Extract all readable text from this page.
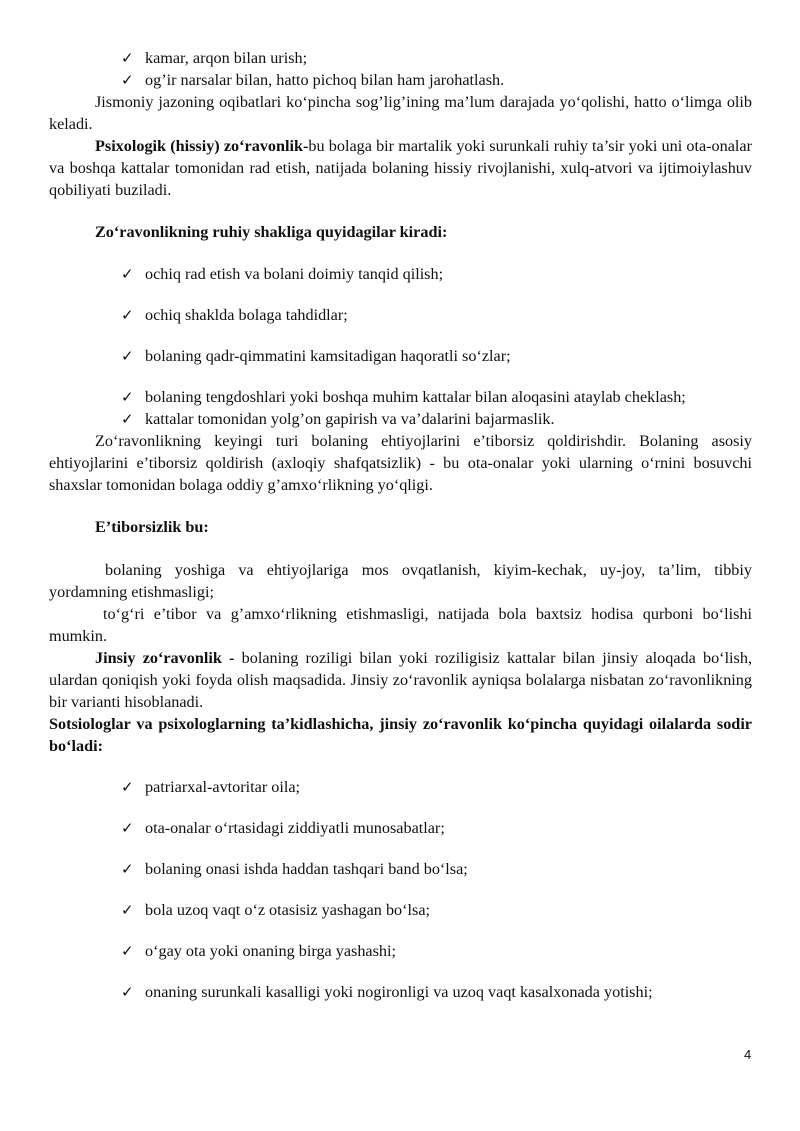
✓ kamar, arqon bilan urish;

✓ og’ir narsalar bilan, hatto pichoq bilan ham jarohatlash.

Jismoniy jazoning oqibatlari ko‘pincha sog’lig’ining ma’lum darajada yo‘qolishi, hatto o‘limga olib keladi.

Psixologik (hissiy) zo‘ravonlik-bu bolaga bir martalik yoki surunkali ruhiy ta’sir yoki uni ota-onalar va boshqa kattalar tomonidan rad etish, natijada bolaning hissiy rivojlanishi, xulq-atvori va ijtimoiylashuv qobiliyati buziladi.

Zo‘ravonlikning ruhiy shakliga quyidagilar kiradi:

✓ ochiq rad etish va bolani doimiy tanqid qilish;

✓ ochiq shaklda bolaga tahdidlar;

✓ bolaning qadr-qimmatini kamsitadigan haqoratli so‘zlar;

✓ bolaning tengdoshlari yoki boshqa muhim kattalar bilan aloqasini ataylab cheklash;

✓ kattalar tomonidan yolg’on gapirish va va’dalarini bajarmaslik.

Zo‘ravonlikning keyingi turi bolaning ehtiyojlarini e’tiborsiz qoldirishdir. Bolaning asosiy ehtiyojlarini e’tiborsiz qoldirish (axloqiy shafqatsizlik) - bu ota-onalar yoki ularning o‘rnini bosuvchi shaxslar tomonidan bolaga oddiy g’amxo‘rlikning yo‘qligi.

E’tiborsizlik bu:

bolaning yoshiga va ehtiyojlariga mos ovqatlanish, kiyim-kechak, uy-joy, ta’lim, tibbiy yordamning etishmasligi;

to‘g‘ri e’tibor va g’amxo‘rlikning etishmasligi, natijada bola baxtsiz hodisa qurboni bo‘lishi mumkin.

Jinsiy zo‘ravonlik - bolaning roziligi bilan yoki roziligisiz kattalar bilan jinsiy aloqada bo‘lish, ulardan qoniqish yoki foyda olish maqsadida. Jinsiy zo‘ravonlik ayniqsa bolalarga nisbatan zo‘ravonlikning bir varianti hisoblanadi.

Sotsiologlar va psixologlarning ta’kidlashicha, jinsiy zo‘ravonlik ko‘pincha quyidagi oilalarda sodir bo‘ladi:

✓ patriarxal-avtoritar oila;

✓ ota-onalar o‘rtasidagi ziddiyatli munosabatlar;

✓ bolaning onasi ishda haddan tashqari band bo‘lsa;

✓ bola uzoq vaqt o‘z otasisiz yashagan bo‘lsa;

✓ o‘gay ota yoki onaning birga yashashi;

✓ onaning surunkali kasalligi yoki nogironligi va uzoq vaqt kasalxonada yotishi;

4
